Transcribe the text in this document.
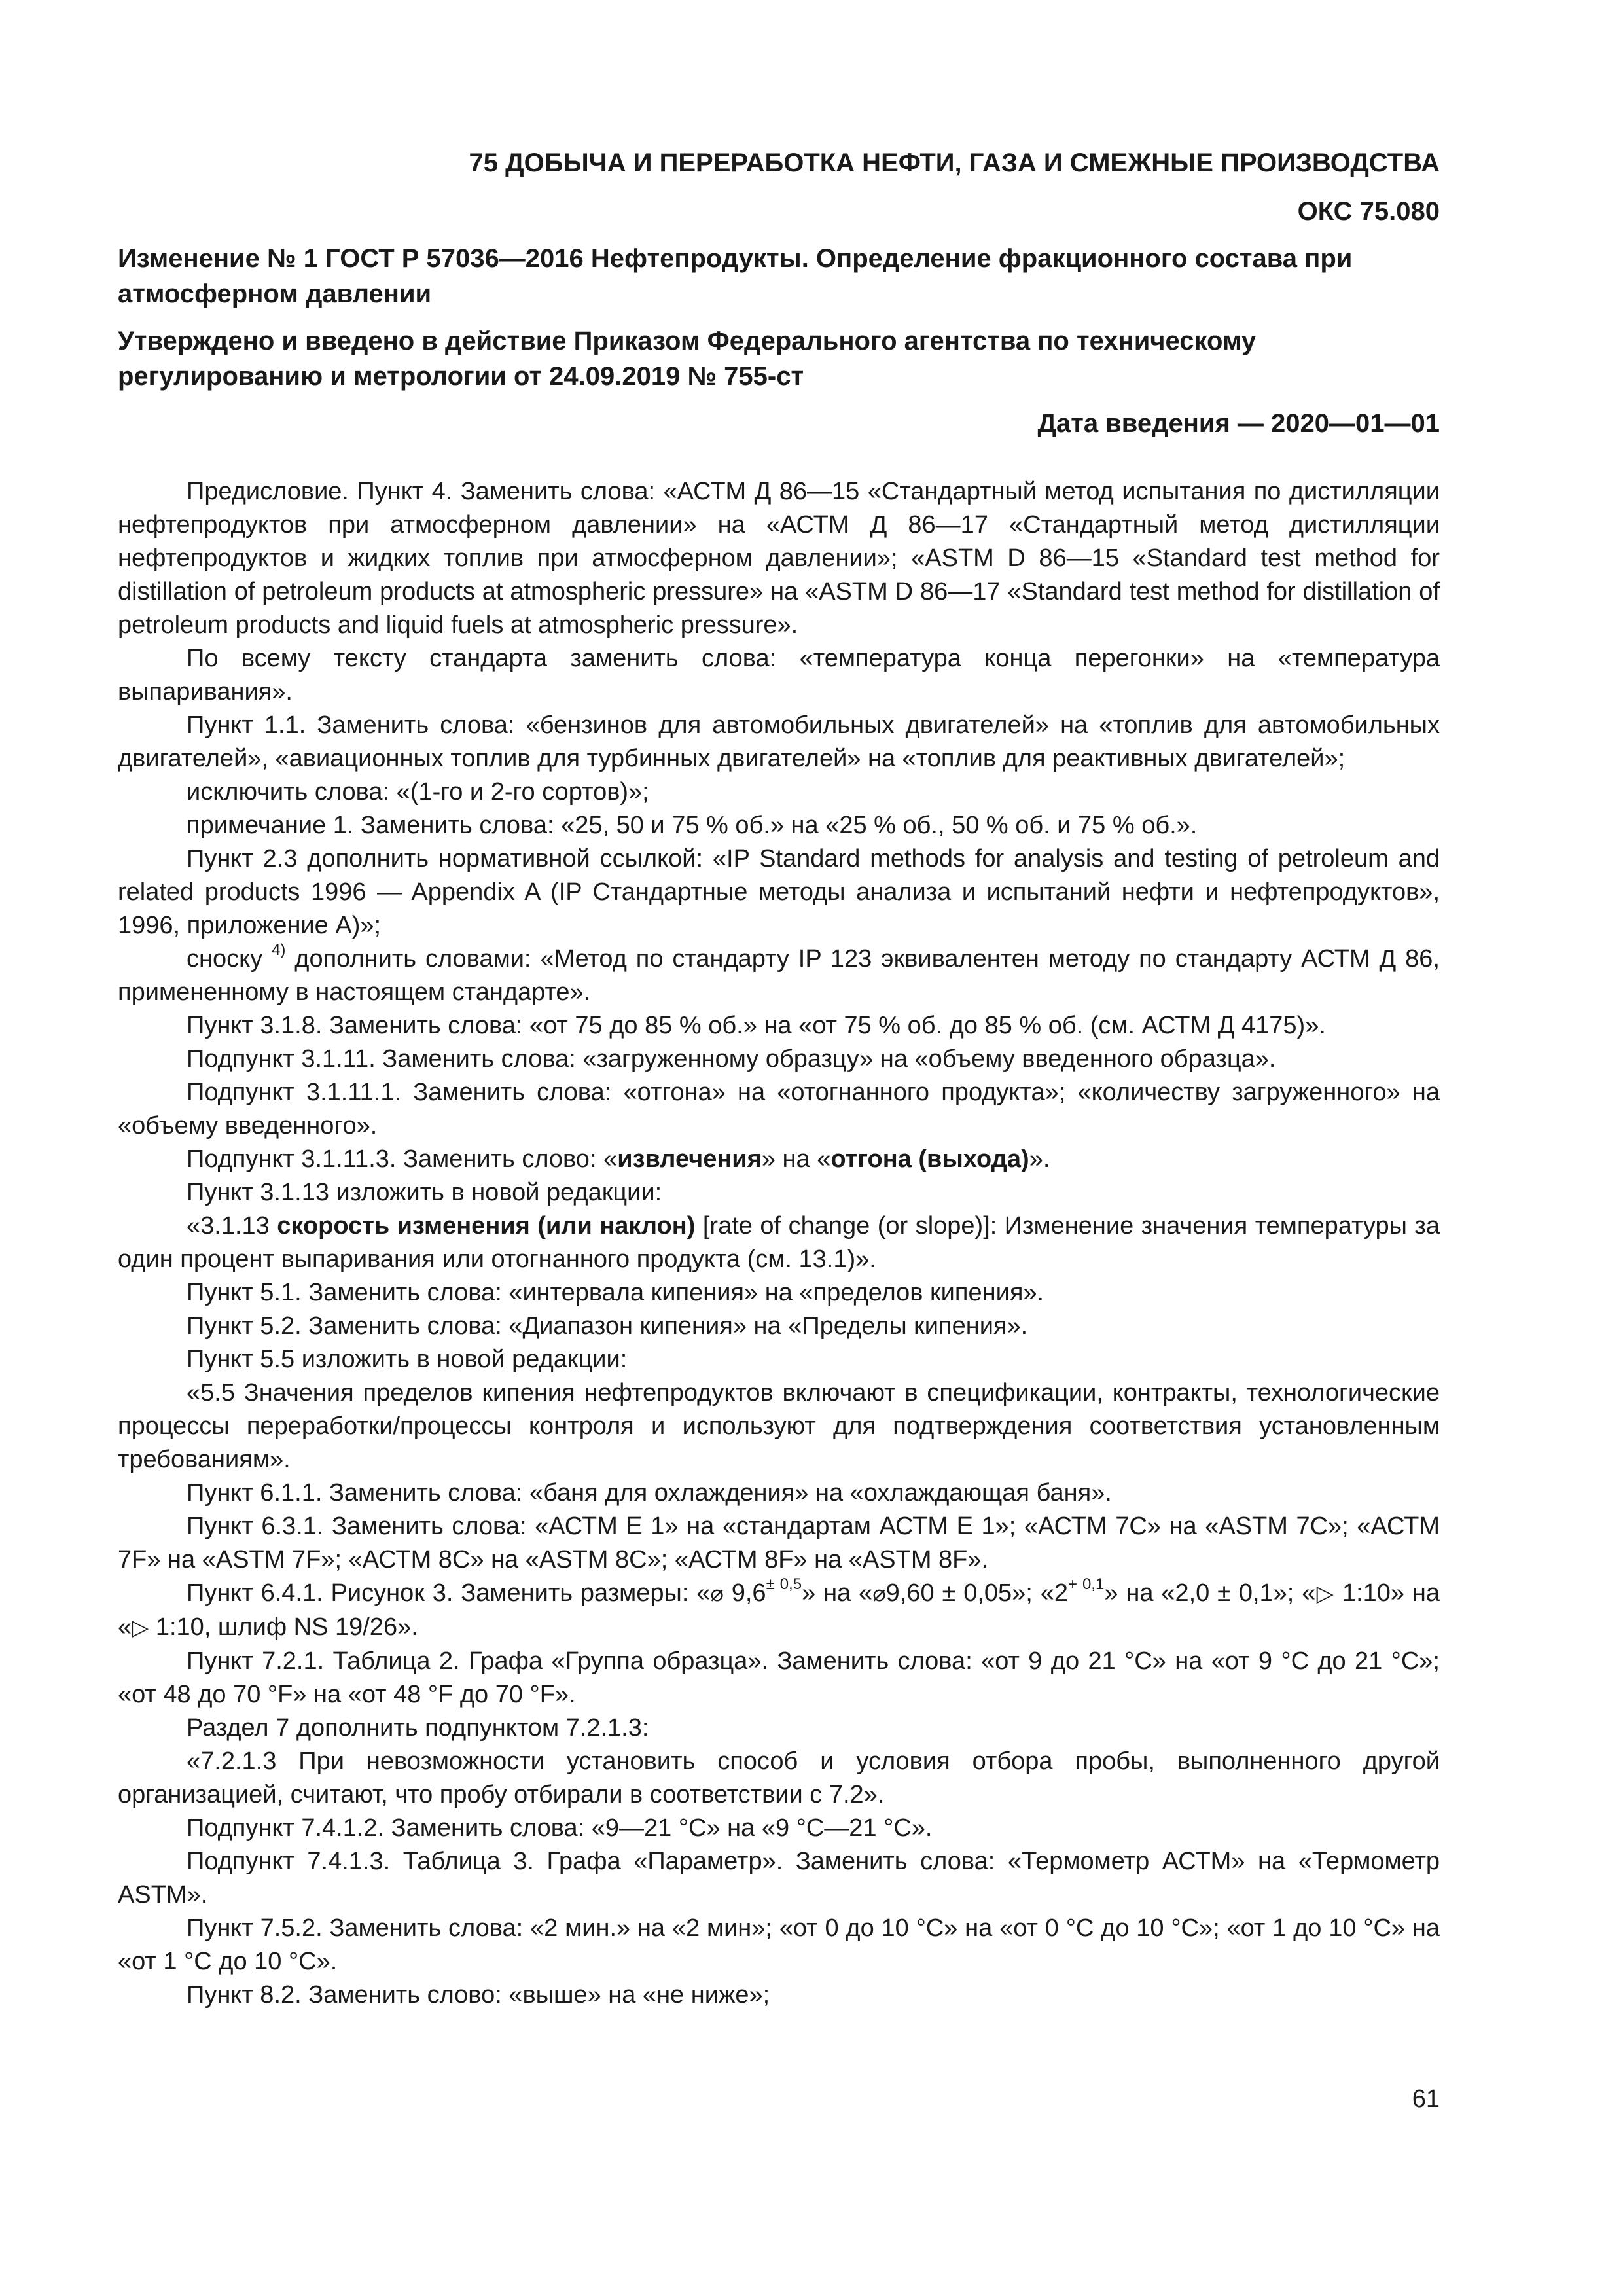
75 ДОБЫЧА И ПЕРЕРАБОТКА НЕФТИ, ГАЗА И СМЕЖНЫЕ ПРОИЗВОДСТВА

ОКС 75.080

Изменение № 1 ГОСТ Р 57036—2016 Нефтепродукты. Определение фракционного состава при атмосферном давлении

Утверждено и введено в действие Приказом Федерального агентства по техническому регулированию и метрологии от 24.09.2019 № 755-ст

Дата введения — 2020—01—01

Предисловие. Пункт 4. Заменить слова: «АСТМ Д 86—15 «Стандартный метод испытания по дистилляции нефтепродуктов при атмосферном давлении» на «АСТМ Д 86—17 «Стандартный метод дистилляции нефтепродуктов и жидких топлив при атмосферном давлении»; «ASTM D 86—15 «Standard test method for distillation of petroleum products at atmospheric pressure» на «ASTM D 86—17 «Standard test method for distillation of petroleum products and liquid fuels at atmospheric pressure».

По всему тексту стандарта заменить слова: «температура конца перегонки» на «температура выпаривания».

Пункт 1.1. Заменить слова: «бензинов для автомобильных двигателей» на «топлив для автомобильных двигателей», «авиационных топлив для турбинных двигателей» на «топлив для реактивных двигателей»;

исключить слова: «(1-го и 2-го сортов)»;

примечание 1. Заменить слова: «25, 50 и 75 % об.» на «25 % об., 50 % об. и 75 % об.».

Пункт 2.3 дополнить нормативной ссылкой: «IP Standard methods for analysis and testing of petroleum and related products 1996 — Appendix A (IP Стандартные методы анализа и испытаний нефти и нефтепродуктов», 1996, приложение А)»;

сноску $^{4)}$ дополнить словами: «Метод по стандарту IP 123 эквивалентен методу по стандарту АСТМ Д 86, примененному в настоящем стандарте».

Пункт 3.1.8. Заменить слова: «от 75 до 85 % об.» на «от 75 % об. до 85 % об. (см. АСТМ Д 4175)».

Подпункт 3.1.11. Заменить слова: «загруженному образцу» на «объему введенного образца».

Подпункт 3.1.11.1. Заменить слова: «отгона» на «отогнанного продукта»; «количеству загруженного» на «объему введенного».

Подпункт 3.1.11.3. Заменить слово: «извлечения» на «отгона (выхода)».

Пункт 3.1.13 изложить в новой редакции:

«3.1.13 скорость изменения (или наклон) [rate of change (or slope)]: Изменение значения температуры за один процент выпаривания или отогнанного продукта (см. 13.1)».

Пункт 5.1. Заменить слова: «интервала кипения» на «пределов кипения».

Пункт 5.2. Заменить слова: «Диапазон кипения» на «Пределы кипения».

Пункт 5.5 изложить в новой редакции:

«5.5 Значения пределов кипения нефтепродуктов включают в спецификации, контракты, технологические процессы переработки/процессы контроля и используют для подтверждения соответствия установленным требованиям».

Пункт 6.1.1. Заменить слова: «баня для охлаждения» на «охлаждающая баня».

Пункт 6.3.1. Заменить слова: «АСТМ Е 1» на «стандартам АСТМ Е 1»; «АСТМ 7С» на «ASTM 7C»; «АСТМ 7F» на «ASTM 7F»; «АСТМ 8С» на «ASTM 8C»; «АСТМ 8F» на «ASTM 8F».

Пункт 6.4.1. Рисунок 3. Заменить размеры: «⌀ $9,6^{\pm 0,5}$» на «⌀9,60 ± 0,05»; «$2^{+ 0,1}$» на «2,0 ± 0,1»; «▷ 1:10» на «▷ 1:10, шлиф NS 19/26».

Пункт 7.2.1. Таблица 2. Графа «Группа образца». Заменить слова: «от 9 до 21 °С» на «от 9 °С до 21 °С»; «от 48 до 70 °F» на «от 48 °F до 70 °F».

Раздел 7 дополнить подпунктом 7.2.1.3:

«7.2.1.3 При невозможности установить способ и условия отбора пробы, выполненного другой организацией, считают, что пробу отбирали в соответствии с 7.2».

Подпункт 7.4.1.2. Заменить слова: «9—21 °С» на «9 °С—21 °С».

Подпункт 7.4.1.3. Таблица 3. Графа «Параметр». Заменить слова: «Термометр АСТМ» на «Термометр ASTM».

Пункт 7.5.2. Заменить слова: «2 мин.» на «2 мин»; «от 0 до 10 °С» на «от 0 °С до 10 °С»; «от 1 до 10 °С» на «от 1 °С до 10 °С».

Пункт 8.2. Заменить слово: «выше» на «не ниже»;

61
